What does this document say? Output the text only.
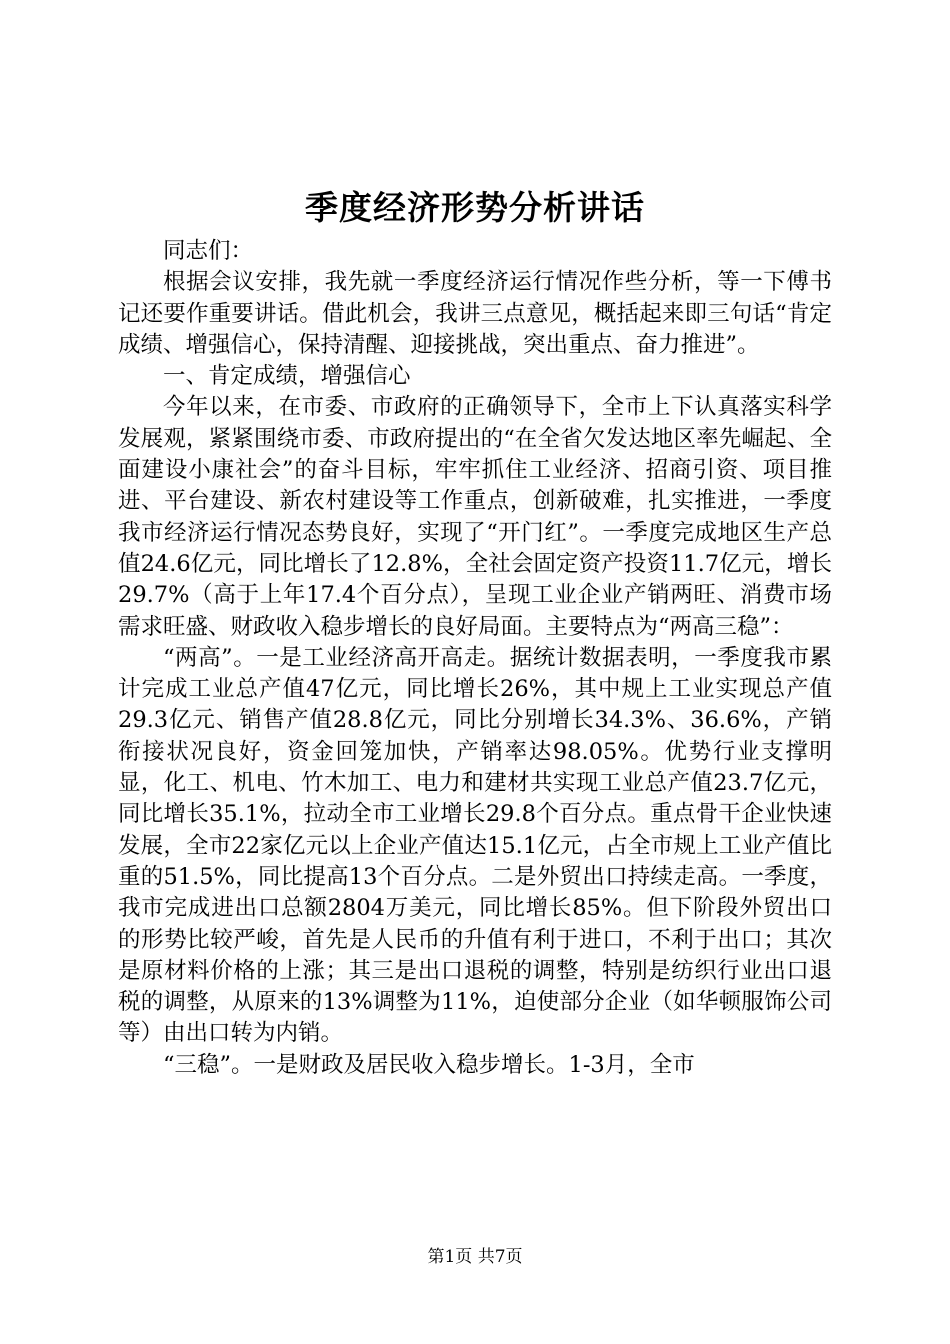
季度经济形势分析讲话

同志们：

根据会议安排，我先就一季度经济运行情况作些分析，等一下傅书记还要作重要讲话。借此机会，我讲三点意见，概括起来即三句话“肯定成绩、增强信心，保持清醒、迎接挑战，突出重点、奋力推进”。

一、肯定成绩，增强信心

今年以来，在市委、市政府的正确领导下，全市上下认真落实科学发展观，紧紧围绕市委、市政府提出的“在全省欠发达地区率先崛起、全面建设小康社会”的奋斗目标，牢牢抓住工业经济、招商引资、项目推进、平台建设、新农村建设等工作重点，创新破难，扎实推进，一季度我市经济运行情况态势良好，实现了“开门红”。一季度完成地区生产总值24.6亿元，同比增长了12.8%，全社会固定资产投资11.7亿元，增长29.7%（高于上年17.4个百分点），呈现工业企业产销两旺、消费市场需求旺盛、财政收入稳步增长的良好局面。主要特点为“两高三稳”：

“两高”。一是工业经济高开高走。据统计数据表明，一季度我市累计完成工业总产值47亿元，同比增长26%，其中规上工业实现总产值29.3亿元、销售产值28.8亿元，同比分别增长34.3%、36.6%，产销衔接状况良好，资金回笼加快，产销率达98.05%。优势行业支撑明显，化工、机电、竹木加工、电力和建材共实现工业总产值23.7亿元，同比增长35.1%，拉动全市工业增长29.8个百分点。重点骨干企业快速发展，全市22家亿元以上企业产值达15.1亿元，占全市规上工业产值比重的51.5%，同比提高13个百分点。二是外贸出口持续走高。一季度，我市完成进出口总额2804万美元，同比增长85%。但下阶段外贸出口的形势比较严峻，首先是人民币的升值有利于进口，不利于出口；其次是原材料价格的上涨；其三是出口退税的调整，特别是纺织行业出口退税的调整，从原来的13%调整为11%，迫使部分企业（如华顿服饰公司等）由出口转为内销。

“三稳”。一是财政及居民收入稳步增长。1-3月，全市

第1页 共7页
